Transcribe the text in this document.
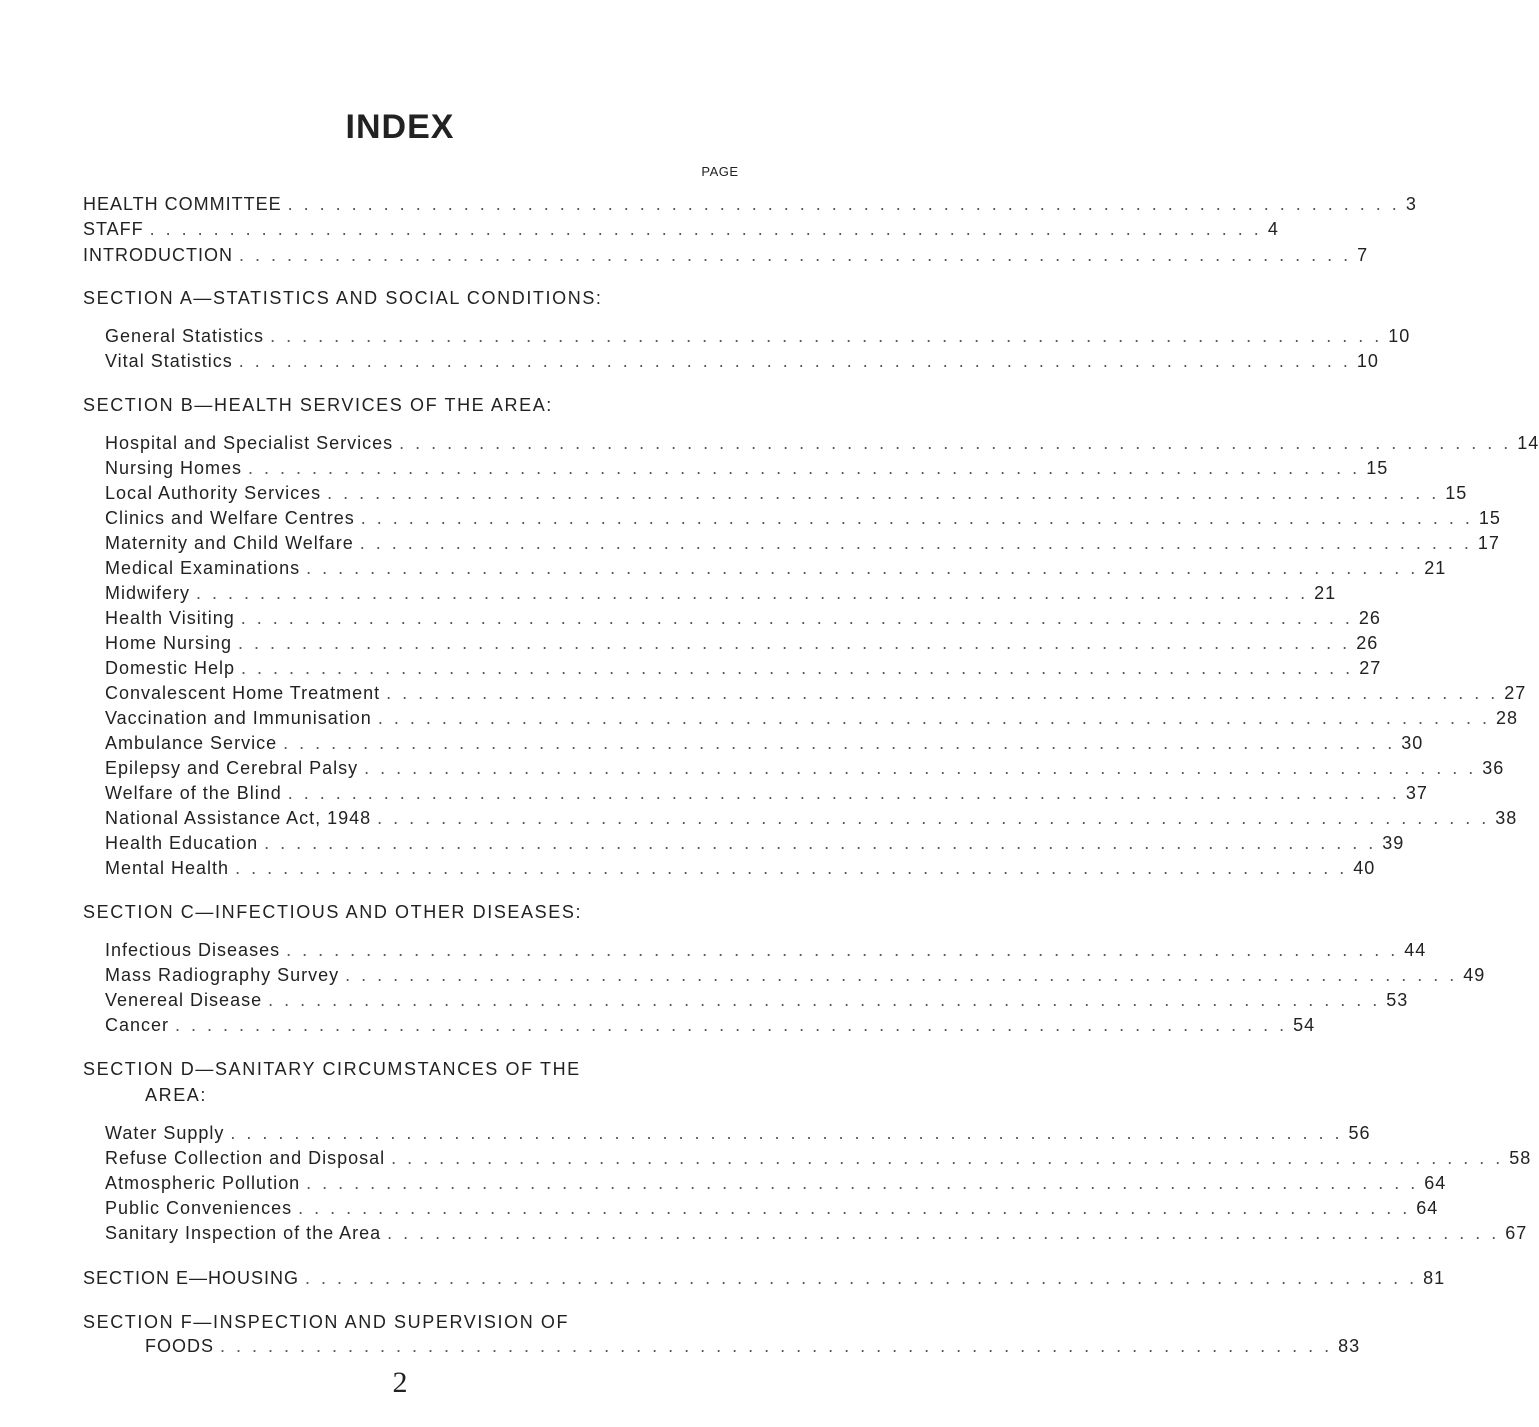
INDEX
PAGE
HEALTH COMMITTEE . . . . . . . . . . . . . . . . . . . . . . . . . . . . . . . . . . . . . . . . . . . . . . . . . . . . . . . . . . . . . . . . . . . . . . 3
STAFF . . . . . . . . . . . . . . . . . . . . . . . . . . . . . . . . . . . . . . . . . . . . . . . . . . . . . . . . . . . . . . . . . . . . . . 4
INTRODUCTION . . . . . . . . . . . . . . . . . . . . . . . . . . . . . . . . . . . . . . . . . . . . . . . . . . . . . . . . . . . . . . . . . . . . . . 7
SECTION A—STATISTICS AND SOCIAL CONDITIONS:
General Statistics . . . . . . . . . . . . . . . . . . . . . . . . . . . . . . . . . . . . . . . . . . . . . . . . . . . . . . . . . . . . . . . . . . . . . . 10
Vital Statistics . . . . . . . . . . . . . . . . . . . . . . . . . . . . . . . . . . . . . . . . . . . . . . . . . . . . . . . . . . . . . . . . . . . . . . 10
SECTION B—HEALTH SERVICES OF THE AREA:
Hospital and Specialist Services . . . . . . . . . . . . . . . . . . . . . . . . . . . . . . . . . . . . . . . . . . . . . . . . . . . . . . . . . . . . . . . . . . . . . . 14
Nursing Homes . . . . . . . . . . . . . . . . . . . . . . . . . . . . . . . . . . . . . . . . . . . . . . . . . . . . . . . . . . . . . . . . . . . . . . 15
Local Authority Services . . . . . . . . . . . . . . . . . . . . . . . . . . . . . . . . . . . . . . . . . . . . . . . . . . . . . . . . . . . . . . . . . . . . . . 15
Clinics and Welfare Centres . . . . . . . . . . . . . . . . . . . . . . . . . . . . . . . . . . . . . . . . . . . . . . . . . . . . . . . . . . . . . . . . . . . . . . 15
Maternity and Child Welfare . . . . . . . . . . . . . . . . . . . . . . . . . . . . . . . . . . . . . . . . . . . . . . . . . . . . . . . . . . . . . . . . . . . . . . 17
Medical Examinations . . . . . . . . . . . . . . . . . . . . . . . . . . . . . . . . . . . . . . . . . . . . . . . . . . . . . . . . . . . . . . . . . . . . . . 21
Midwifery . . . . . . . . . . . . . . . . . . . . . . . . . . . . . . . . . . . . . . . . . . . . . . . . . . . . . . . . . . . . . . . . . . . . . . 21
Health Visiting . . . . . . . . . . . . . . . . . . . . . . . . . . . . . . . . . . . . . . . . . . . . . . . . . . . . . . . . . . . . . . . . . . . . . . 26
Home Nursing . . . . . . . . . . . . . . . . . . . . . . . . . . . . . . . . . . . . . . . . . . . . . . . . . . . . . . . . . . . . . . . . . . . . . . 26
Domestic Help . . . . . . . . . . . . . . . . . . . . . . . . . . . . . . . . . . . . . . . . . . . . . . . . . . . . . . . . . . . . . . . . . . . . . . 27
Convalescent Home Treatment . . . . . . . . . . . . . . . . . . . . . . . . . . . . . . . . . . . . . . . . . . . . . . . . . . . . . . . . . . . . . . . . . . . . . . 27
Vaccination and Immunisation . . . . . . . . . . . . . . . . . . . . . . . . . . . . . . . . . . . . . . . . . . . . . . . . . . . . . . . . . . . . . . . . . . . . . . 28
Ambulance Service . . . . . . . . . . . . . . . . . . . . . . . . . . . . . . . . . . . . . . . . . . . . . . . . . . . . . . . . . . . . . . . . . . . . . . 30
Epilepsy and Cerebral Palsy . . . . . . . . . . . . . . . . . . . . . . . . . . . . . . . . . . . . . . . . . . . . . . . . . . . . . . . . . . . . . . . . . . . . . . 36
Welfare of the Blind . . . . . . . . . . . . . . . . . . . . . . . . . . . . . . . . . . . . . . . . . . . . . . . . . . . . . . . . . . . . . . . . . . . . . . 37
National Assistance Act, 1948 . . . . . . . . . . . . . . . . . . . . . . . . . . . . . . . . . . . . . . . . . . . . . . . . . . . . . . . . . . . . . . . . . . . . . . 38
Health Education . . . . . . . . . . . . . . . . . . . . . . . . . . . . . . . . . . . . . . . . . . . . . . . . . . . . . . . . . . . . . . . . . . . . . . 39
Mental Health . . . . . . . . . . . . . . . . . . . . . . . . . . . . . . . . . . . . . . . . . . . . . . . . . . . . . . . . . . . . . . . . . . . . . . 40
SECTION C—INFECTIOUS AND OTHER DISEASES:
Infectious Diseases . . . . . . . . . . . . . . . . . . . . . . . . . . . . . . . . . . . . . . . . . . . . . . . . . . . . . . . . . . . . . . . . . . . . . . 44
Mass Radiography Survey . . . . . . . . . . . . . . . . . . . . . . . . . . . . . . . . . . . . . . . . . . . . . . . . . . . . . . . . . . . . . . . . . . . . . . 49
Venereal Disease . . . . . . . . . . . . . . . . . . . . . . . . . . . . . . . . . . . . . . . . . . . . . . . . . . . . . . . . . . . . . . . . . . . . . . 53
Cancer . . . . . . . . . . . . . . . . . . . . . . . . . . . . . . . . . . . . . . . . . . . . . . . . . . . . . . . . . . . . . . . . . . . . . . 54
SECTION D—SANITARY CIRCUMSTANCES OF THE
AREA:
Water Supply . . . . . . . . . . . . . . . . . . . . . . . . . . . . . . . . . . . . . . . . . . . . . . . . . . . . . . . . . . . . . . . . . . . . . . 56
Refuse Collection and Disposal . . . . . . . . . . . . . . . . . . . . . . . . . . . . . . . . . . . . . . . . . . . . . . . . . . . . . . . . . . . . . . . . . . . . . . 58
Atmospheric Pollution . . . . . . . . . . . . . . . . . . . . . . . . . . . . . . . . . . . . . . . . . . . . . . . . . . . . . . . . . . . . . . . . . . . . . . 64
Public Conveniences . . . . . . . . . . . . . . . . . . . . . . . . . . . . . . . . . . . . . . . . . . . . . . . . . . . . . . . . . . . . . . . . . . . . . . 64
Sanitary Inspection of the Area . . . . . . . . . . . . . . . . . . . . . . . . . . . . . . . . . . . . . . . . . . . . . . . . . . . . . . . . . . . . . . . . . . . . . . 67
SECTION E—HOUSING . . . . . . . . . . . . . . . . . . . . . . . . . . . . . . . . . . . . . . . . . . . . . . . . . . . . . . . . . . . . . . . . . . . . . . 81
SECTION F—INSPECTION AND SUPERVISION OF
FOODS . . . . . . . . . . . . . . . . . . . . . . . . . . . . . . . . . . . . . . . . . . . . . . . . . . . . . . . . . . . . . . . . . . . . . . 83
2
